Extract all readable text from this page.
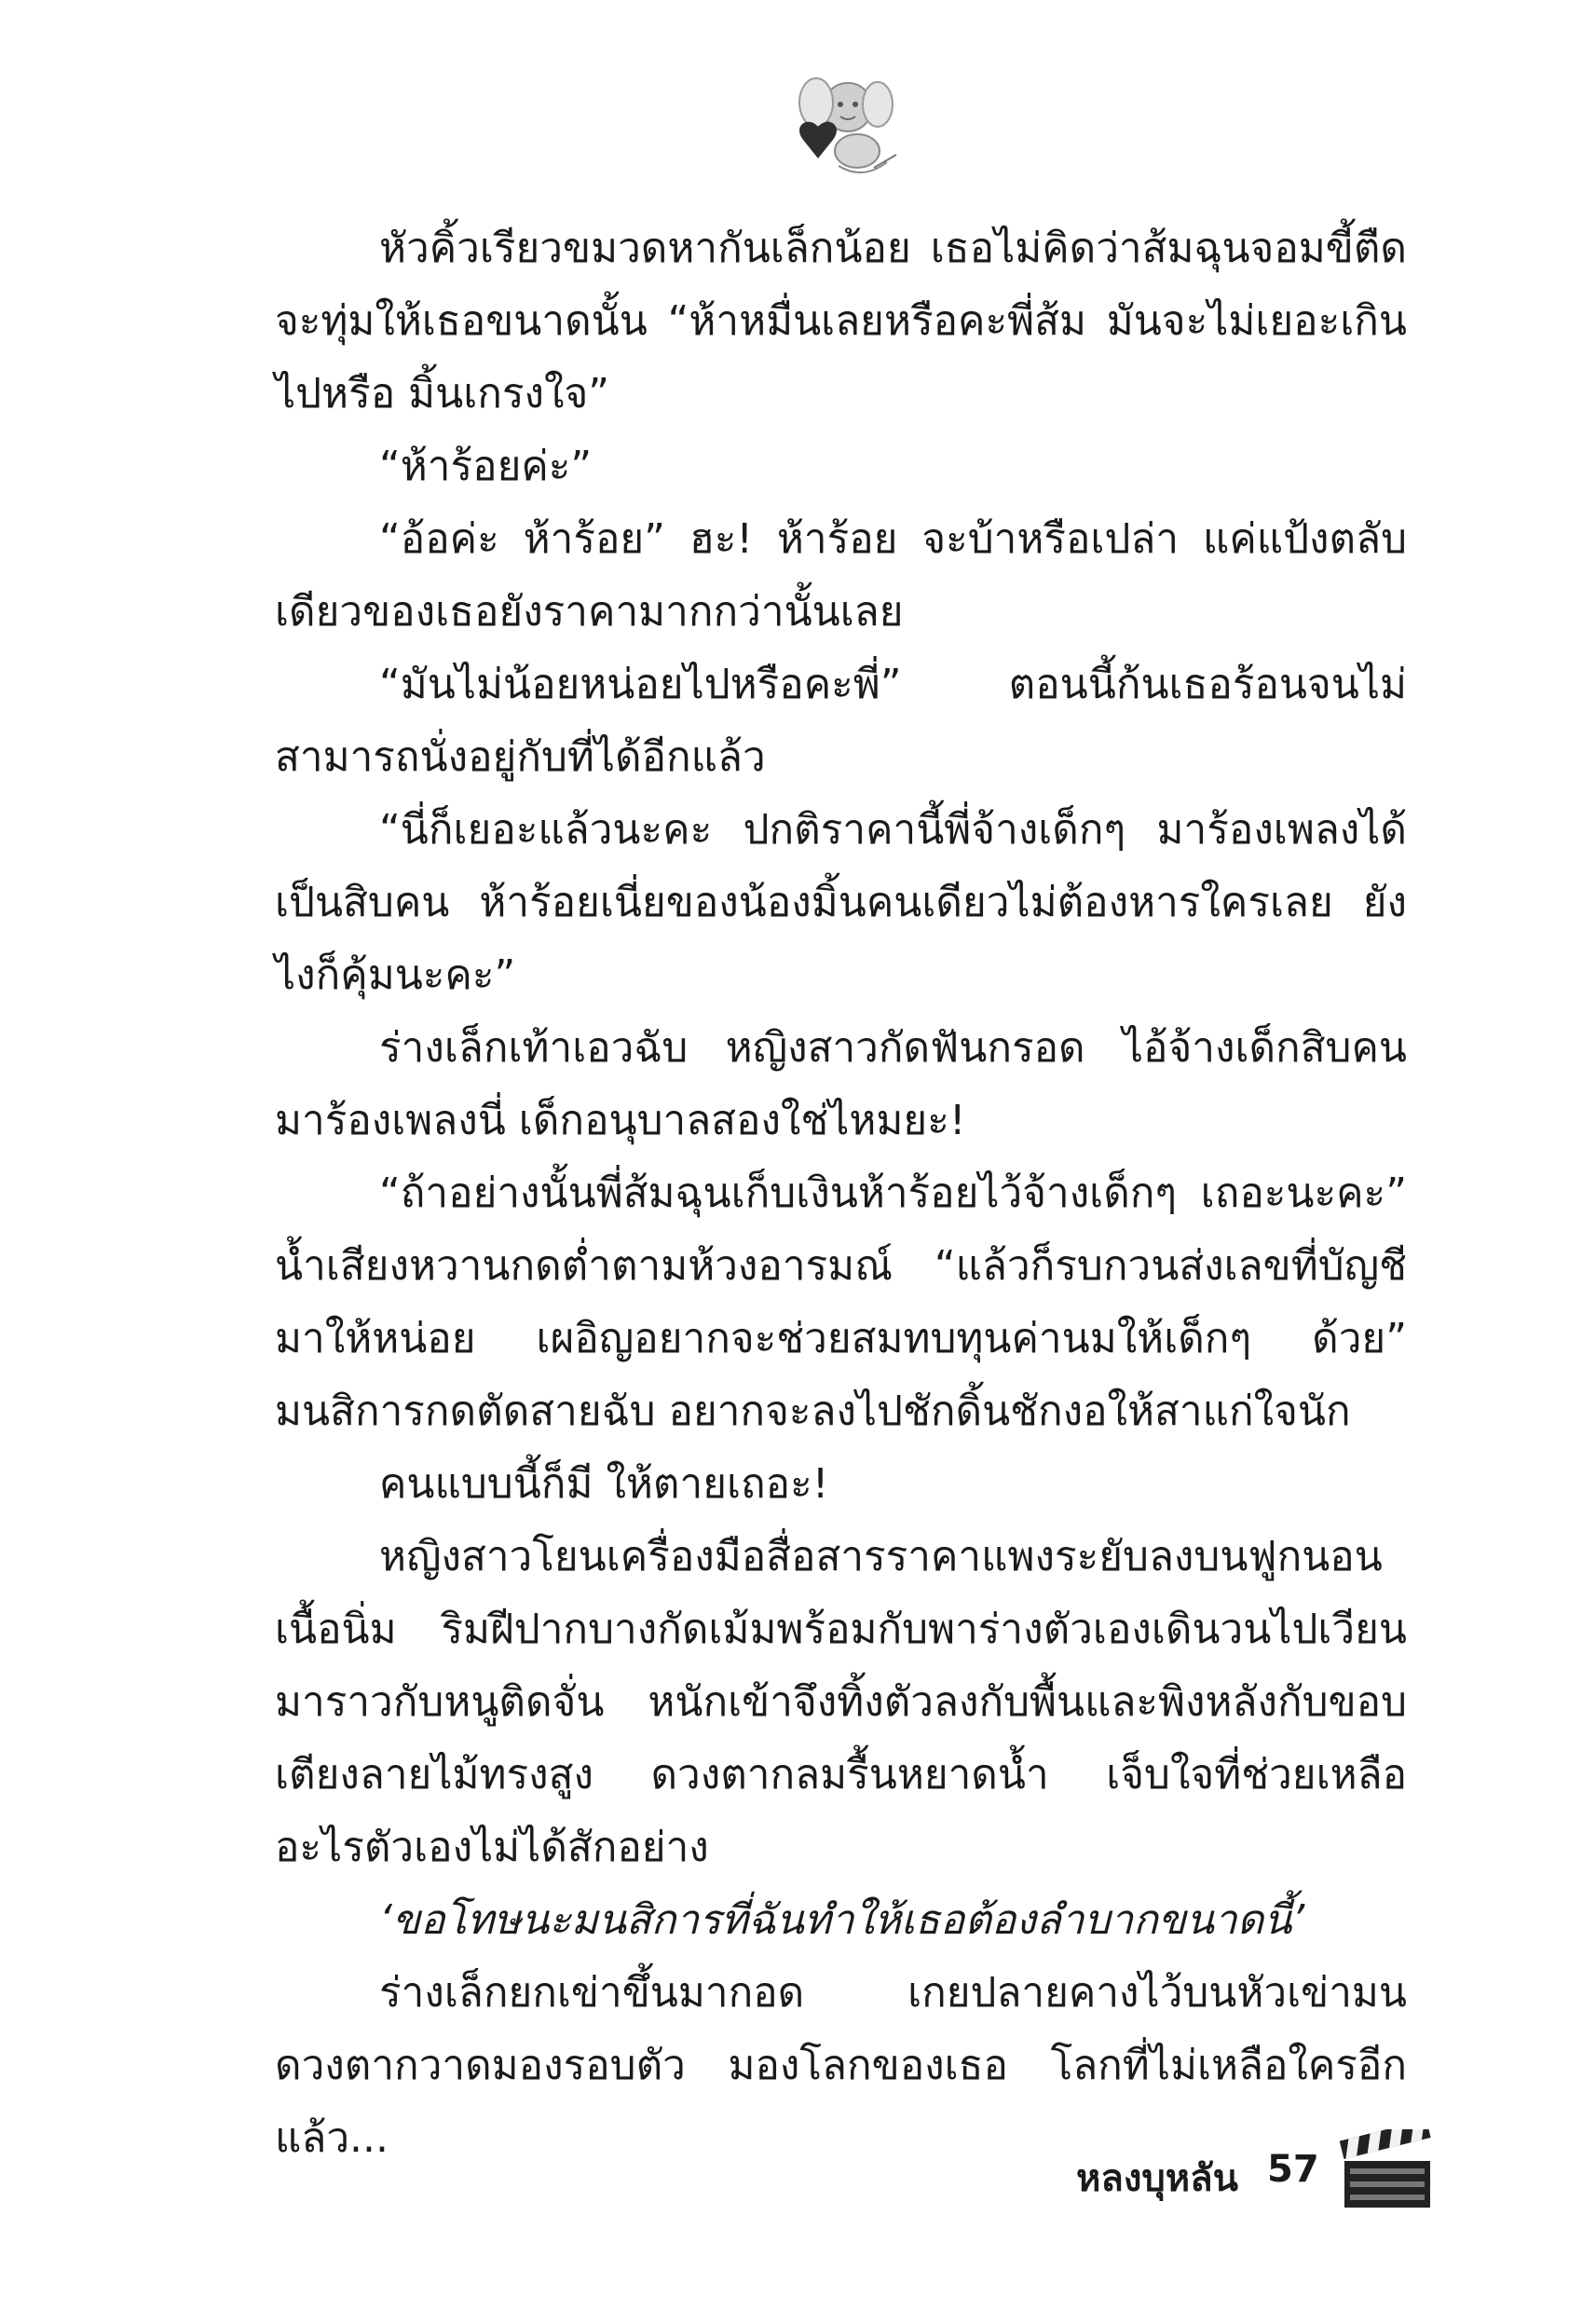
หัวคิ้วเรียวขมวดหากันเล็กน้อย เธอไม่คิดว่าส้มฉุนจอมขี้ตืดจะทุ่มให้เธอขนาดนั้น “ห้าหมื่นเลยหรือคะพี่ส้ม มันจะไม่เยอะเกินไปหรือ มิ้นเกรงใจ”

“ห้าร้อยค่ะ”

“อ้อค่ะ ห้าร้อย” ฮะ! ห้าร้อย จะบ้าหรือเปล่า แค่แป้งตลับเดียวของเธอยังราคามากกว่านั้นเลย

“มันไม่น้อยหน่อยไปหรือคะพี่” ตอนนี้ก้นเธอร้อนจนไม่สามารถนั่งอยู่กับที่ได้อีกแล้ว

“นี่ก็เยอะแล้วนะคะ ปกติราคานี้พี่จ้างเด็กๆ มาร้องเพลงได้เป็นสิบคน ห้าร้อยเนี่ยของน้องมิ้นคนเดียวไม่ต้องหารใครเลย ยังไงก็คุ้มนะคะ”

ร่างเล็กเท้าเอวฉับ หญิงสาวกัดฟันกรอด ไอ้จ้างเด็กสิบคนมาร้องเพลงนี่ เด็กอนุบาลสองใช่ไหมยะ!

“ถ้าอย่างนั้นพี่ส้มฉุนเก็บเงินห้าร้อยไว้จ้างเด็กๆ เถอะนะคะ” น้ำเสียงหวานกดต่ำตามห้วงอารมณ์ “แล้วก็รบกวนส่งเลขที่บัญชีมาให้หน่อย เผอิญอยากจะช่วยสมทบทุนค่านมให้เด็กๆ ด้วย” มนสิการกดตัดสายฉับ อยากจะลงไปชักดิ้นชักงอให้สาแก่ใจนัก

คนแบบนี้ก็มี ให้ตายเถอะ!

หญิงสาวโยนเครื่องมือสื่อสารราคาแพงระยับลงบนฟูกนอนเนื้อนิ่ม ริมฝีปากบางกัดเม้มพร้อมกับพาร่างตัวเองเดินวนไปเวียนมาราวกับหนูติดจั่น หนักเข้าจึงทิ้งตัวลงกับพื้นและพิงหลังกับขอบเตียงลายไม้ทรงสูง ดวงตากลมรื้นหยาดน้ำ เจ็บใจที่ช่วยเหลืออะไรตัวเองไม่ได้สักอย่าง

‘ขอโทษนะมนสิการที่ฉันทำให้เธอต้องลำบากขนาดนี้’

ร่างเล็กยกเข่าขึ้นมากอด เกยปลายคางไว้บนหัวเข่ามน ดวงตากวาดมองรอบตัว มองโลกของเธอ โลกที่ไม่เหลือใครอีกแล้ว...

หลงบุหลัน 57
